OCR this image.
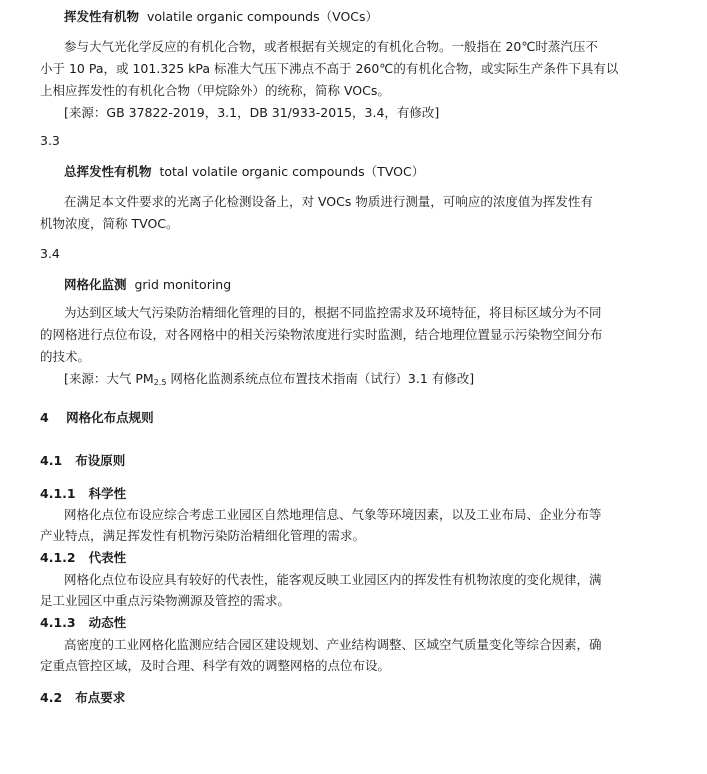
挥发性有机物 volatile organic compounds（VOCs）
参与大气光化学反应的有机化合物，或者根据有关规定的有机化合物。一般指在 20℃时蒸汽压不
小于 10 Pa，或 101.325 kPa 标准大气压下沸点不高于 260℃的有机化合物，或实际生产条件下具有以
上相应挥发性的有机化合物（甲烷除外）的统称，简称 VOCs。
[来源：GB 37822-2019，3.1，DB 31/933-2015，3.4，有修改]
3.3
总挥发性有机物 total volatile organic compounds（TVOC）
在满足本文件要求的光离子化检测设备上，对 VOCs 物质进行测量，可响应的浓度值为挥发性有
机物浓度，简称 TVOC。
3.4
网格化监测 grid monitoring
为达到区域大气污染防治精细化管理的目的，根据不同监控需求及环境特征，将目标区域分为不同
的网格进行点位布设，对各网格中的相关污染物浓度进行实时监测，结合地理位置显示污染物空间分布
的技术。
[来源：大气 $PM_{2.5}$ 网格化监测系统点位布置技术指南（试行）3.1 有修改]
4 网格化布点规则
4.1 布设原则
4.1.1 科学性
网格化点位布设应综合考虑工业园区自然地理信息、气象等环境因素，以及工业布局、企业分布等
产业特点，满足挥发性有机物污染防治精细化管理的需求。
4.1.2 代表性
网格化点位布设应具有较好的代表性，能客观反映工业园区内的挥发性有机物浓度的变化规律，满
足工业园区中重点污染物溯源及管控的需求。
4.1.3 动态性
高密度的工业网格化监测应结合园区建设规划、产业结构调整、区域空气质量变化等综合因素，确
定重点管控区域，及时合理、科学有效的调整网格的点位布设。
4.2 布点要求
